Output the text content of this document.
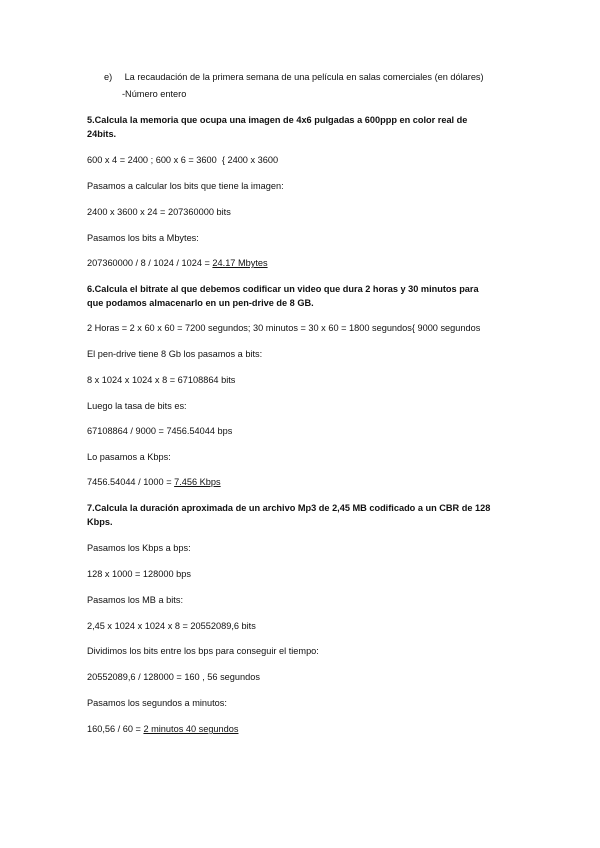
e) La recaudación de la primera semana de una película en salas comerciales (en dólares)
-Número entero
5.Calcula la memoria que ocupa una imagen de 4x6 pulgadas a 600ppp en color real de
24bits.
600 x 4 = 2400 ; 600 x 6 = 3600  { 2400 x 3600
Pasamos a calcular los bits que tiene la imagen:
2400 x 3600 x 24 = 207360000 bits
Pasamos los bits a Mbytes:
207360000 / 8 / 1024 / 1024 = 24.17 Mbytes
6.Calcula el bitrate al que debemos codificar un video que dura 2 horas y 30 minutos para
que podamos almacenarlo en un pen-drive de 8 GB.
2 Horas = 2 x 60 x 60 = 7200 segundos; 30 minutos = 30 x 60 = 1800 segundos{ 9000 segundos
El pen-drive tiene 8 Gb los pasamos a bits:
8 x 1024 x 1024 x 8 = 67108864 bits
Luego la tasa de bits es:
67108864 / 9000 = 7456.54044 bps
Lo pasamos a Kbps:
7456.54044 / 1000 = 7.456 Kbps
7.Calcula la duración aproximada de un archivo Mp3 de 2,45 MB codificado a un CBR de 128
Kbps.
Pasamos los Kbps a bps:
128 x 1000 = 128000 bps
Pasamos los MB a bits:
2,45 x 1024 x 1024 x 8 = 20552089,6 bits
Dividimos los bits entre los bps para conseguir el tiempo:
20552089,6 / 128000 = 160 , 56 segundos
Pasamos los segundos a minutos:
160,56 / 60 = 2 minutos 40 segundos
